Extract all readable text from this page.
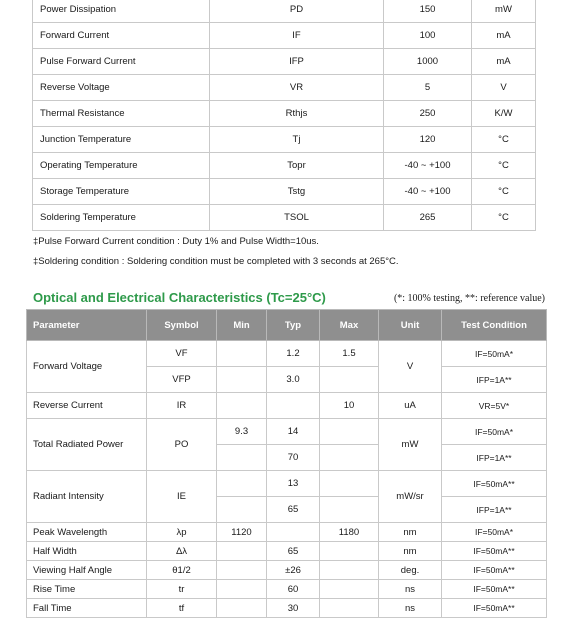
Power Dissipation	PD	150	mW
Forward Current	IF	100	mA
Pulse Forward Current	IFP	1000	mA
Reverse Voltage	VR	5	V
Thermal Resistance	Rthjs	250	K/W
Junction Temperature	Tj	120	°C
Operating Temperature	Topr	-40 ~ +100	°C
Storage Temperature	Tstg	-40 ~ +100	°C
Soldering Temperature	TSOL	265	°C
‡Pulse Forward Current condition : Duty 1% and Pulse Width=10us.
‡Soldering condition : Soldering condition must be completed with 3 seconds at 265°C.
Optical and Electrical Characteristics (Tc=25°C)	(*: 100% testing, **: reference value)
Parameter	Symbol	Min	Typ	Max	Unit	Test Condition
Forward Voltage	VF		1.2	1.5	V	IF=50mA*
	VFP		3.0			IFP=1A**
Reverse Current	IR			10	uA	VR=5V*
Total Radiated Power	PO	9.3	14		mW	IF=50mA*
			70			IFP=1A**
Radiant Intensity	IE		13		mW/sr	IF=50mA**
			65			IFP=1A**
Peak Wavelength	λp	1120		1180	nm	IF=50mA*
Half Width	Δλ		65		nm	IF=50mA**
Viewing Half Angle	θ1/2		±26		deg.	IF=50mA**
Rise Time	tr		60		ns	IF=50mA**
Fall Time	tf		30		ns	IF=50mA**
